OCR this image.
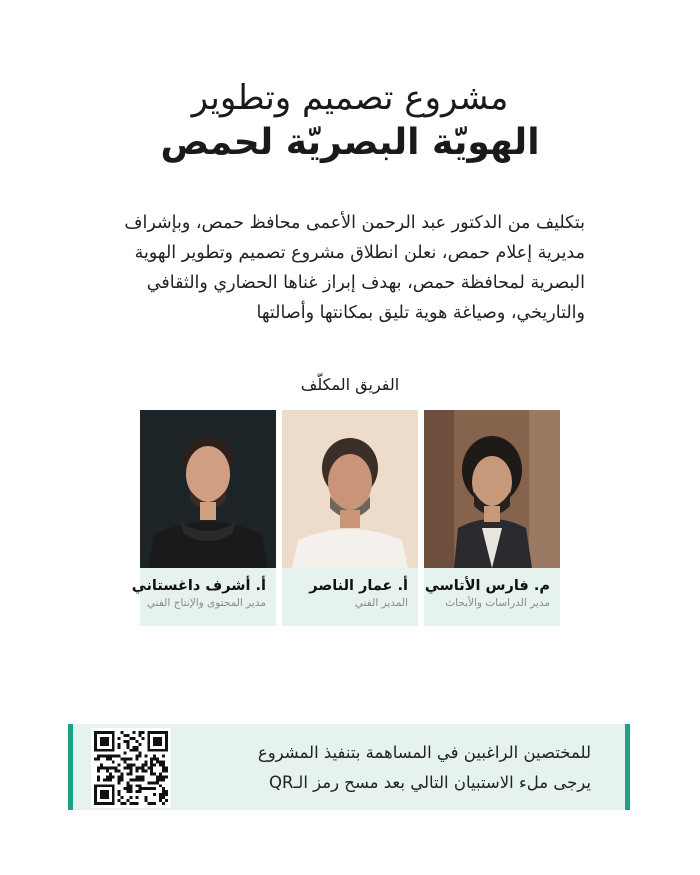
مشروع تصميم وتطوير
الهويّة البصريّة لحمص
بتكليف من الدكتور عبد الرحمن الأعمى محافظ حمص، وبإشراف
مديرية إعلام حمص، نعلن انطلاق مشروع تصميم وتطوير الهوية
البصرية لمحافظة حمص، بهدف إبراز غناها الحضاري والثقافي
والتاريخي، وصياغة هوية تليق بمكانتها وأصالتها
الفريق المكلّف
م. فارس الأتاسي
مدير الدراسات والأبحاث
أ. عمار الناصر
المدير الفني
أ. أشرف داغستاني
مدير المحتوى والإنتاج الفني
للمختصين الراغبين في المساهمة بتنفيذ المشروع
يرجى ملء الاستبيان التالي بعد مسح رمز الـQR
